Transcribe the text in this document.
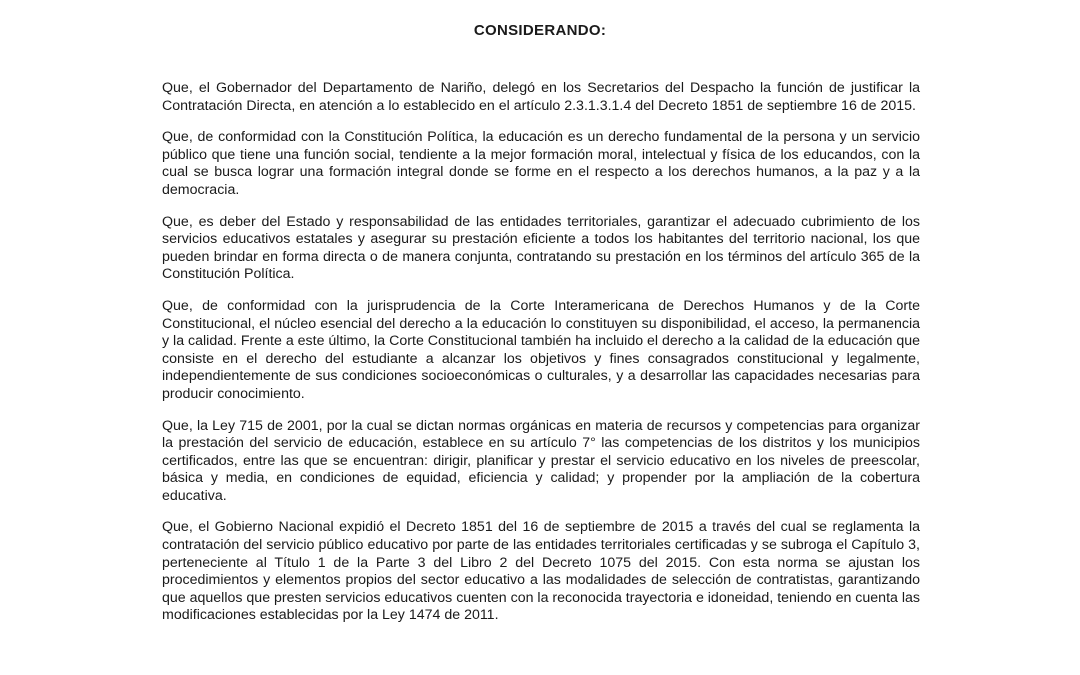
CONSIDERANDO:

Que, el Gobernador del Departamento de Nariño, delegó en los Secretarios del Despacho la función de justificar la Contratación Directa, en atención a lo establecido en el artículo 2.3.1.3.1.4 del Decreto 1851 de septiembre 16 de 2015.

Que, de conformidad con la Constitución Política, la educación es un derecho fundamental de la persona y un servicio público que tiene una función social, tendiente a la mejor formación moral, intelectual y física de los educandos, con la cual se busca lograr una formación integral donde se forme en el respecto a los derechos humanos, a la paz y a la democracia.

Que, es deber del Estado y responsabilidad de las entidades territoriales, garantizar el adecuado cubrimiento de los servicios educativos estatales y asegurar su prestación eficiente a todos los habitantes del territorio nacional, los que pueden brindar en forma directa o de manera conjunta, contratando su prestación en los términos del artículo 365 de la Constitución Política.

Que, de conformidad con la jurisprudencia de la Corte Interamericana de Derechos Humanos y de la Corte Constitucional, el núcleo esencial del derecho a la educación lo constituyen su disponibilidad, el acceso, la permanencia y la calidad. Frente a este último, la Corte Constitucional también ha incluido el derecho a la calidad de la educación que consiste en el derecho del estudiante a alcanzar los objetivos y fines consagrados constitucional y legalmente, independientemente de sus condiciones socioeconómicas o culturales, y a desarrollar las capacidades necesarias para producir conocimiento.

Que, la Ley 715 de 2001, por la cual se dictan normas orgánicas en materia de recursos y competencias para organizar la prestación del servicio de educación, establece en su artículo 7° las competencias de los distritos y los municipios certificados, entre las que se encuentran: dirigir, planificar y prestar el servicio educativo en los niveles de preescolar, básica y media, en condiciones de equidad, eficiencia y calidad; y propender por la ampliación de la cobertura educativa.

Que, el Gobierno Nacional expidió el Decreto 1851 del 16 de septiembre de 2015 a través del cual se reglamenta la contratación del servicio público educativo por parte de las entidades territoriales certificadas y se subroga el Capítulo 3, perteneciente al Título 1 de la Parte 3 del Libro 2 del Decreto 1075 del 2015. Con esta norma se ajustan los procedimientos y elementos propios del sector educativo a las modalidades de selección de contratistas, garantizando que aquellos que presten servicios educativos cuenten con la reconocida trayectoria e idoneidad, teniendo en cuenta las modificaciones establecidas por la Ley 1474 de 2011.
